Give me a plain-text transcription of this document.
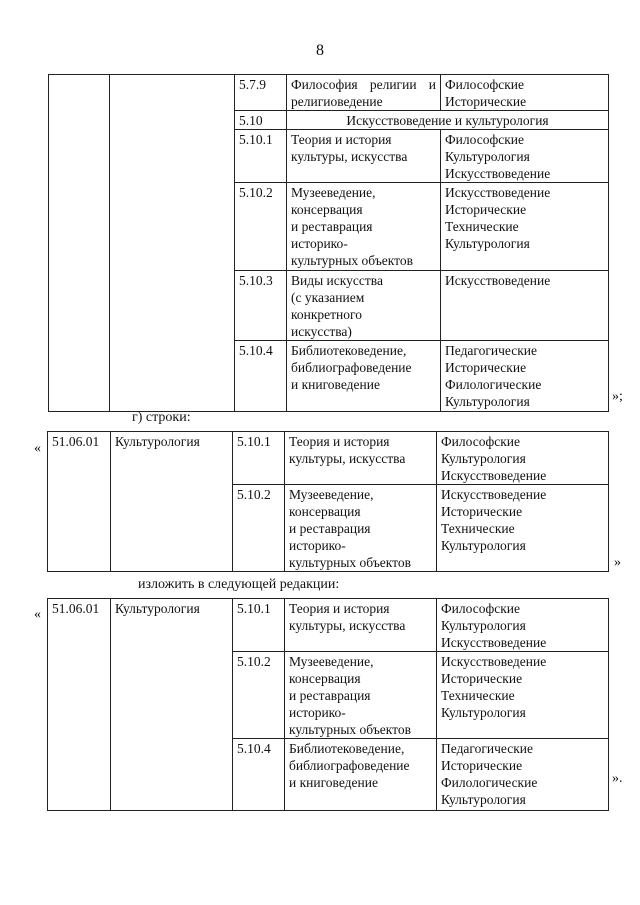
8
		5.7.9	Философия религии и религиоведение	Философские
Исторические
		5.10	Искусствоведение и культурология	
		5.10.1	Теория и история
культуры, искусства	Философские
Культурология
Искусствоведение
		5.10.2	Музееведение,
консервация
и реставрация
историко-
культурных объектов	Искусствоведение
Исторические
Технические
Культурология
		5.10.3	Виды искусства
(с указанием
конкретного
искусства)	Искусствоведение
		5.10.4	Библиотековедение,
библиографоведение
и книговедение	Педагогические
Исторические
Филологические
Культурология	»;
г) строки:
« 51.06.01	Культурология	5.10.1	Теория и история
культуры, искусства	Философские
Культурология
Искусствоведение
		5.10.2	Музееведение,
консервация
и реставрация
историко-
культурных объектов	Искусствоведение
Исторические
Технические
Культурология
»
изложить в следующей редакции:
« 51.06.01	Культурология	5.10.1	Теория и история
культуры, искусства	Философские
Культурология
Искусствоведение
		5.10.2	Музееведение,
консервация
и реставрация
историко-
культурных объектов	Искусствоведение
Исторические
Технические
Культурология
		5.10.4	Библиотековедение,
библиографоведение
и книговедение	Педагогические
Исторические
Филологические
Культурология
».
